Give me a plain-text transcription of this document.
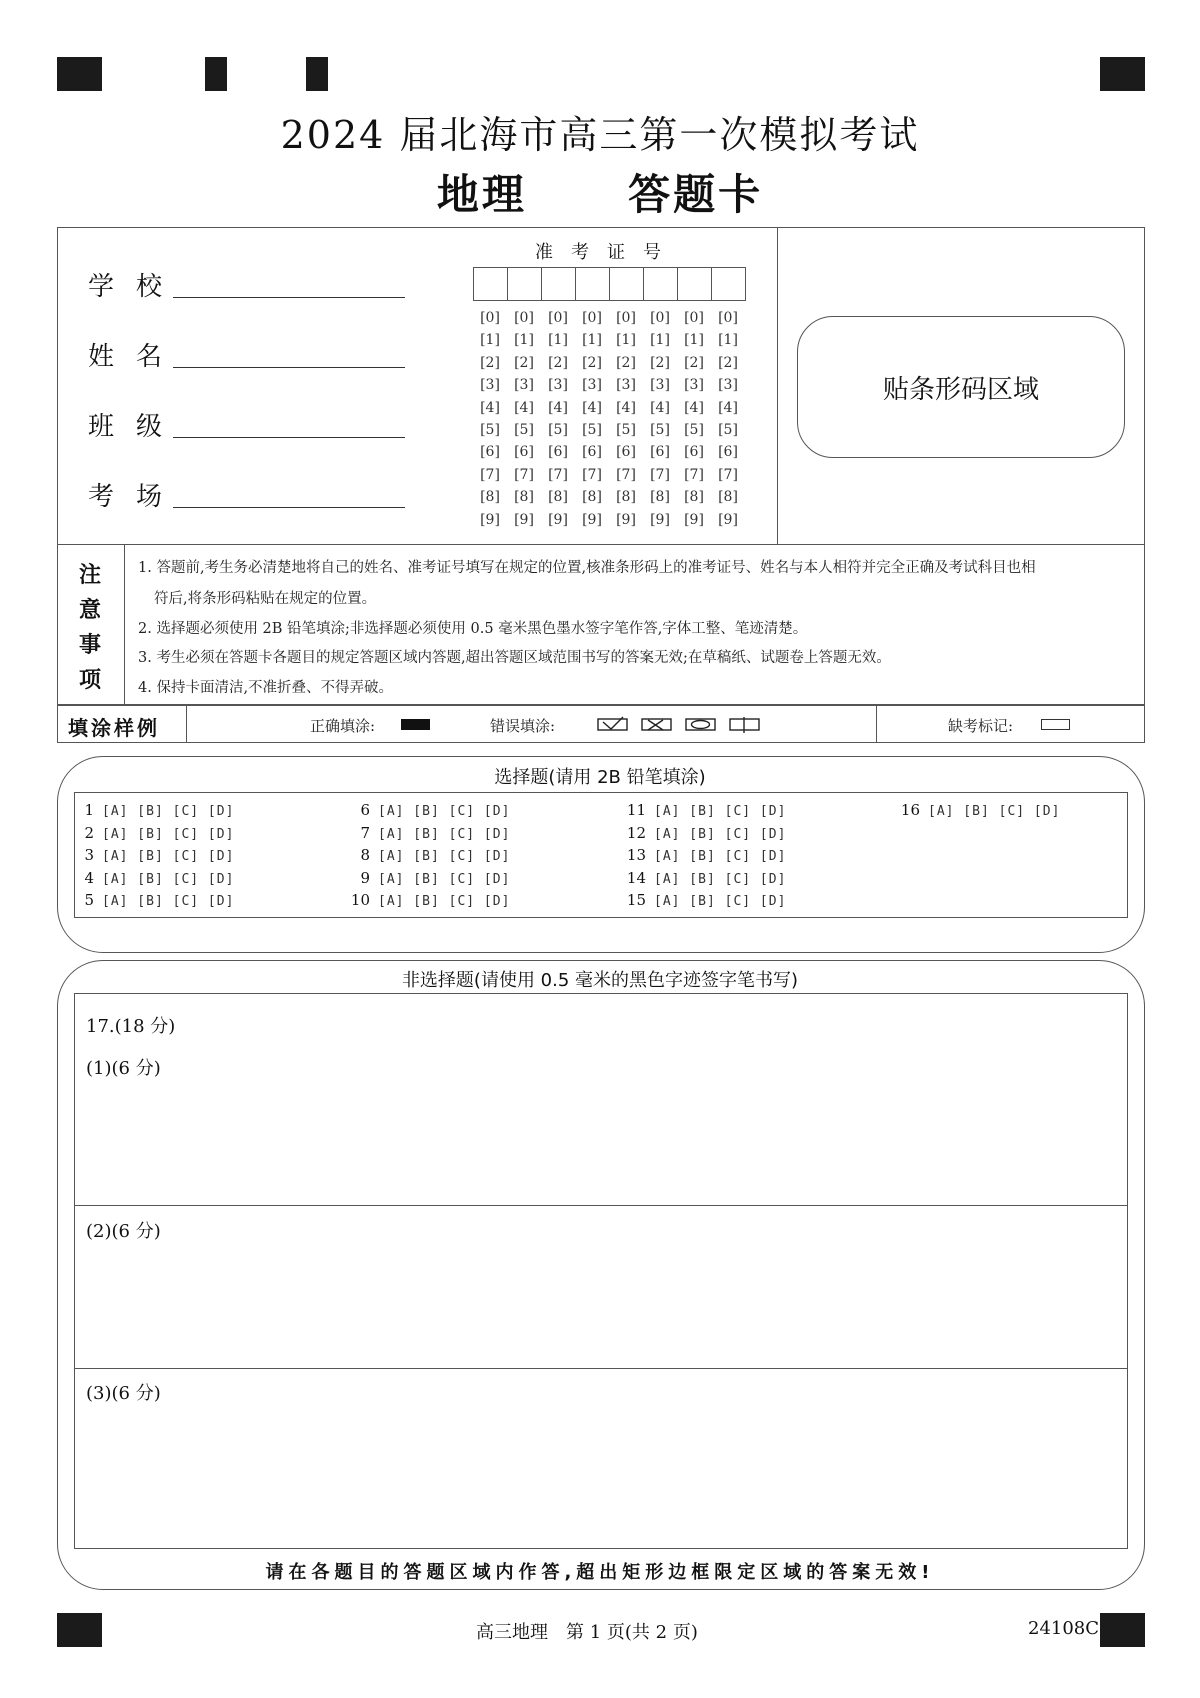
2024 届北海市高三第一次模拟考试
地理 答题卡
学校
姓名
班级
考场
准考证号
[0]	[0]	[0]	[0]	[0]	[0]	[0]	[0]
[1]	[1]	[1]	[1]	[1]	[1]	[1]	[1]
[2]	[2]	[2]	[2]	[2]	[2]	[2]	[2]
[3]	[3]	[3]	[3]	[3]	[3]	[3]	[3]
[4]	[4]	[4]	[4]	[4]	[4]	[4]	[4]
[5]	[5]	[5]	[5]	[5]	[5]	[5]	[5]
[6]	[6]	[6]	[6]	[6]	[6]	[6]	[6]
[7]	[7]	[7]	[7]	[7]	[7]	[7]	[7]
[8]	[8]	[8]	[8]	[8]	[8]	[8]	[8]
[9]	[9]	[9]	[9]	[9]	[9]	[9]	[9]
贴条形码区域
注
意
事
项
1. 答题前,考生务必清楚地将自己的姓名、准考证号填写在规定的位置,核准条形码上的准考证号、姓名与本人相符并完全正确及考试科目也相
符后,将条形码粘贴在规定的位置。
2. 选择题必须使用 2B 铅笔填涂;非选择题必须使用 0.5 毫米黑色墨水签字笔作答,字体工整、笔迹清楚。
3. 考生必须在答题卡各题目的规定答题区域内答题,超出答题区域范围书写的答案无效;在草稿纸、试题卷上答题无效。
4. 保持卡面清洁,不准折叠、不得弄破。
填涂样例	正确填涂:	错误填涂:	缺考标记:
选择题(请用 2B 铅笔填涂)
1 [A] [B] [C] [D]
2 [A] [B] [C] [D]
3 [A] [B] [C] [D]
4 [A] [B] [C] [D]
5 [A] [B] [C] [D]
6 [A] [B] [C] [D]
7 [A] [B] [C] [D]
8 [A] [B] [C] [D]
9 [A] [B] [C] [D]
10 [A] [B] [C] [D]
11 [A] [B] [C] [D]
12 [A] [B] [C] [D]
13 [A] [B] [C] [D]
14 [A] [B] [C] [D]
15 [A] [B] [C] [D]
16 [A] [B] [C] [D]
非选择题(请使用 0.5 毫米的黑色字迹签字笔书写)
17.(18 分)
(1)(6 分)
(2)(6 分)
(3)(6 分)
请在各题目的答题区域内作答,超出矩形边框限定区域的答案无效!
高三地理　第 1 页(共 2 页)	24108C
